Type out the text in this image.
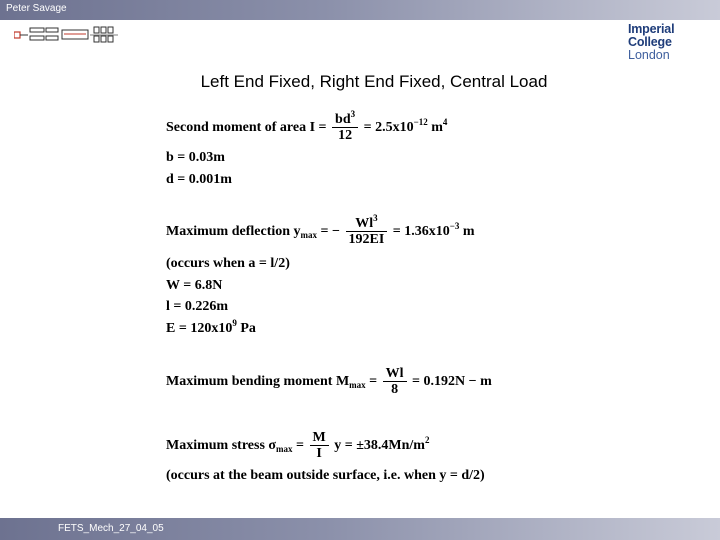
Peter Savage
Imperial College
London
Left End Fixed, Right End Fixed, Central Load
Second moment of area $I = \frac{bd^3}{12} = 2.5x10^{-12}$ $m^4$
b = 0.03m
d = 0.001m
Maximum deflection $y_{max}$ = − $\frac{Wl^3}{192EI} = 1.36x10^{-3}$ m
(occurs when a = l/2)
W = 6.8N
l = 0.226m
$E = 120x10^9$ Pa
Maximum bending moment $M_{max} = \frac{Wl}{8} = 0.192N - m$
Maximum stress $\sigma_{max} = \frac{M}{I}$ $y = \pm 38.4Mn/m^2$
(occurs at the beam outside surface, i.e. when y = d/2)
FETS_Mech_27_04_05
